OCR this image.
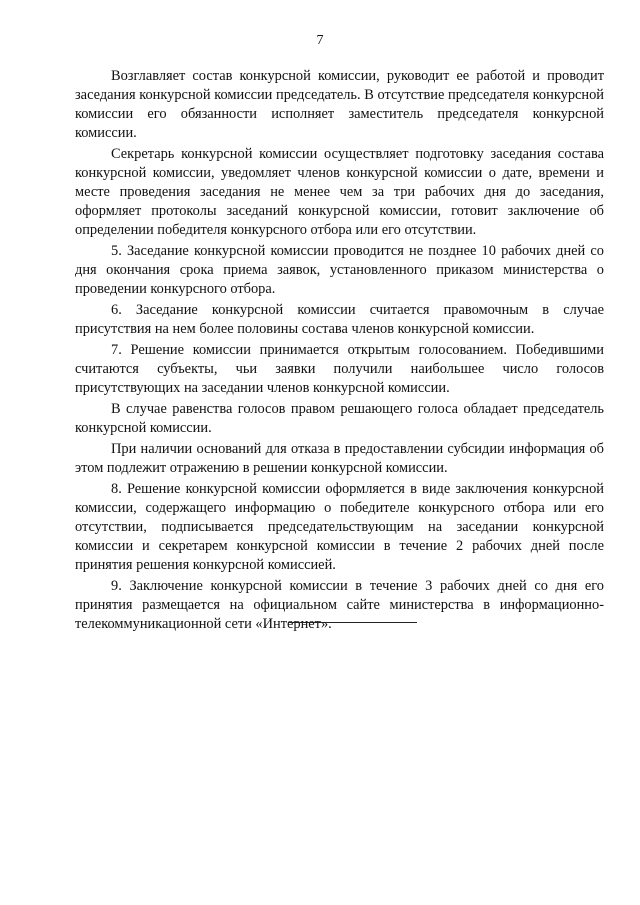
7

Возглавляет состав конкурсной комиссии, руководит ее работой и проводит заседания конкурсной комиссии председатель. В отсутствие председателя конкурсной комиссии его обязанности исполняет заместитель председателя конкурсной комиссии.

Секретарь конкурсной комиссии осуществляет подготовку заседания состава конкурсной комиссии, уведомляет членов конкурсной комиссии о дате, времени и месте проведения заседания не менее чем за три рабочих дня до заседания, оформляет протоколы заседаний конкурсной комиссии, готовит заключение об определении победителя конкурсного отбора или его отсутствии.

5. Заседание конкурсной комиссии проводится не позднее 10 рабочих дней со дня окончания срока приема заявок, установленного приказом министерства о проведении конкурсного отбора.

6. Заседание конкурсной комиссии считается правомочным в случае присутствия на нем более половины состава членов конкурсной комиссии.

7. Решение комиссии принимается открытым голосованием. Победившими считаются субъекты, чьи заявки получили наибольшее число голосов присутствующих на заседании членов конкурсной комиссии.

В случае равенства голосов правом решающего голоса обладает председатель конкурсной комиссии.

При наличии оснований для отказа в предоставлении субсидии информация об этом подлежит отражению в решении конкурсной комиссии.

8. Решение конкурсной комиссии оформляется в виде заключения конкурсной комиссии, содержащего информацию о победителе конкурсного отбора или его отсутствии, подписывается председательствующим на заседании конкурсной комиссии и секретарем конкурсной комиссии в течение 2 рабочих дней после принятия решения конкурсной комиссией.

9. Заключение конкурсной комиссии в течение 3 рабочих дней со дня его принятия размещается на официальном сайте министерства в информационно-телекоммуникационной сети «Интернет».
